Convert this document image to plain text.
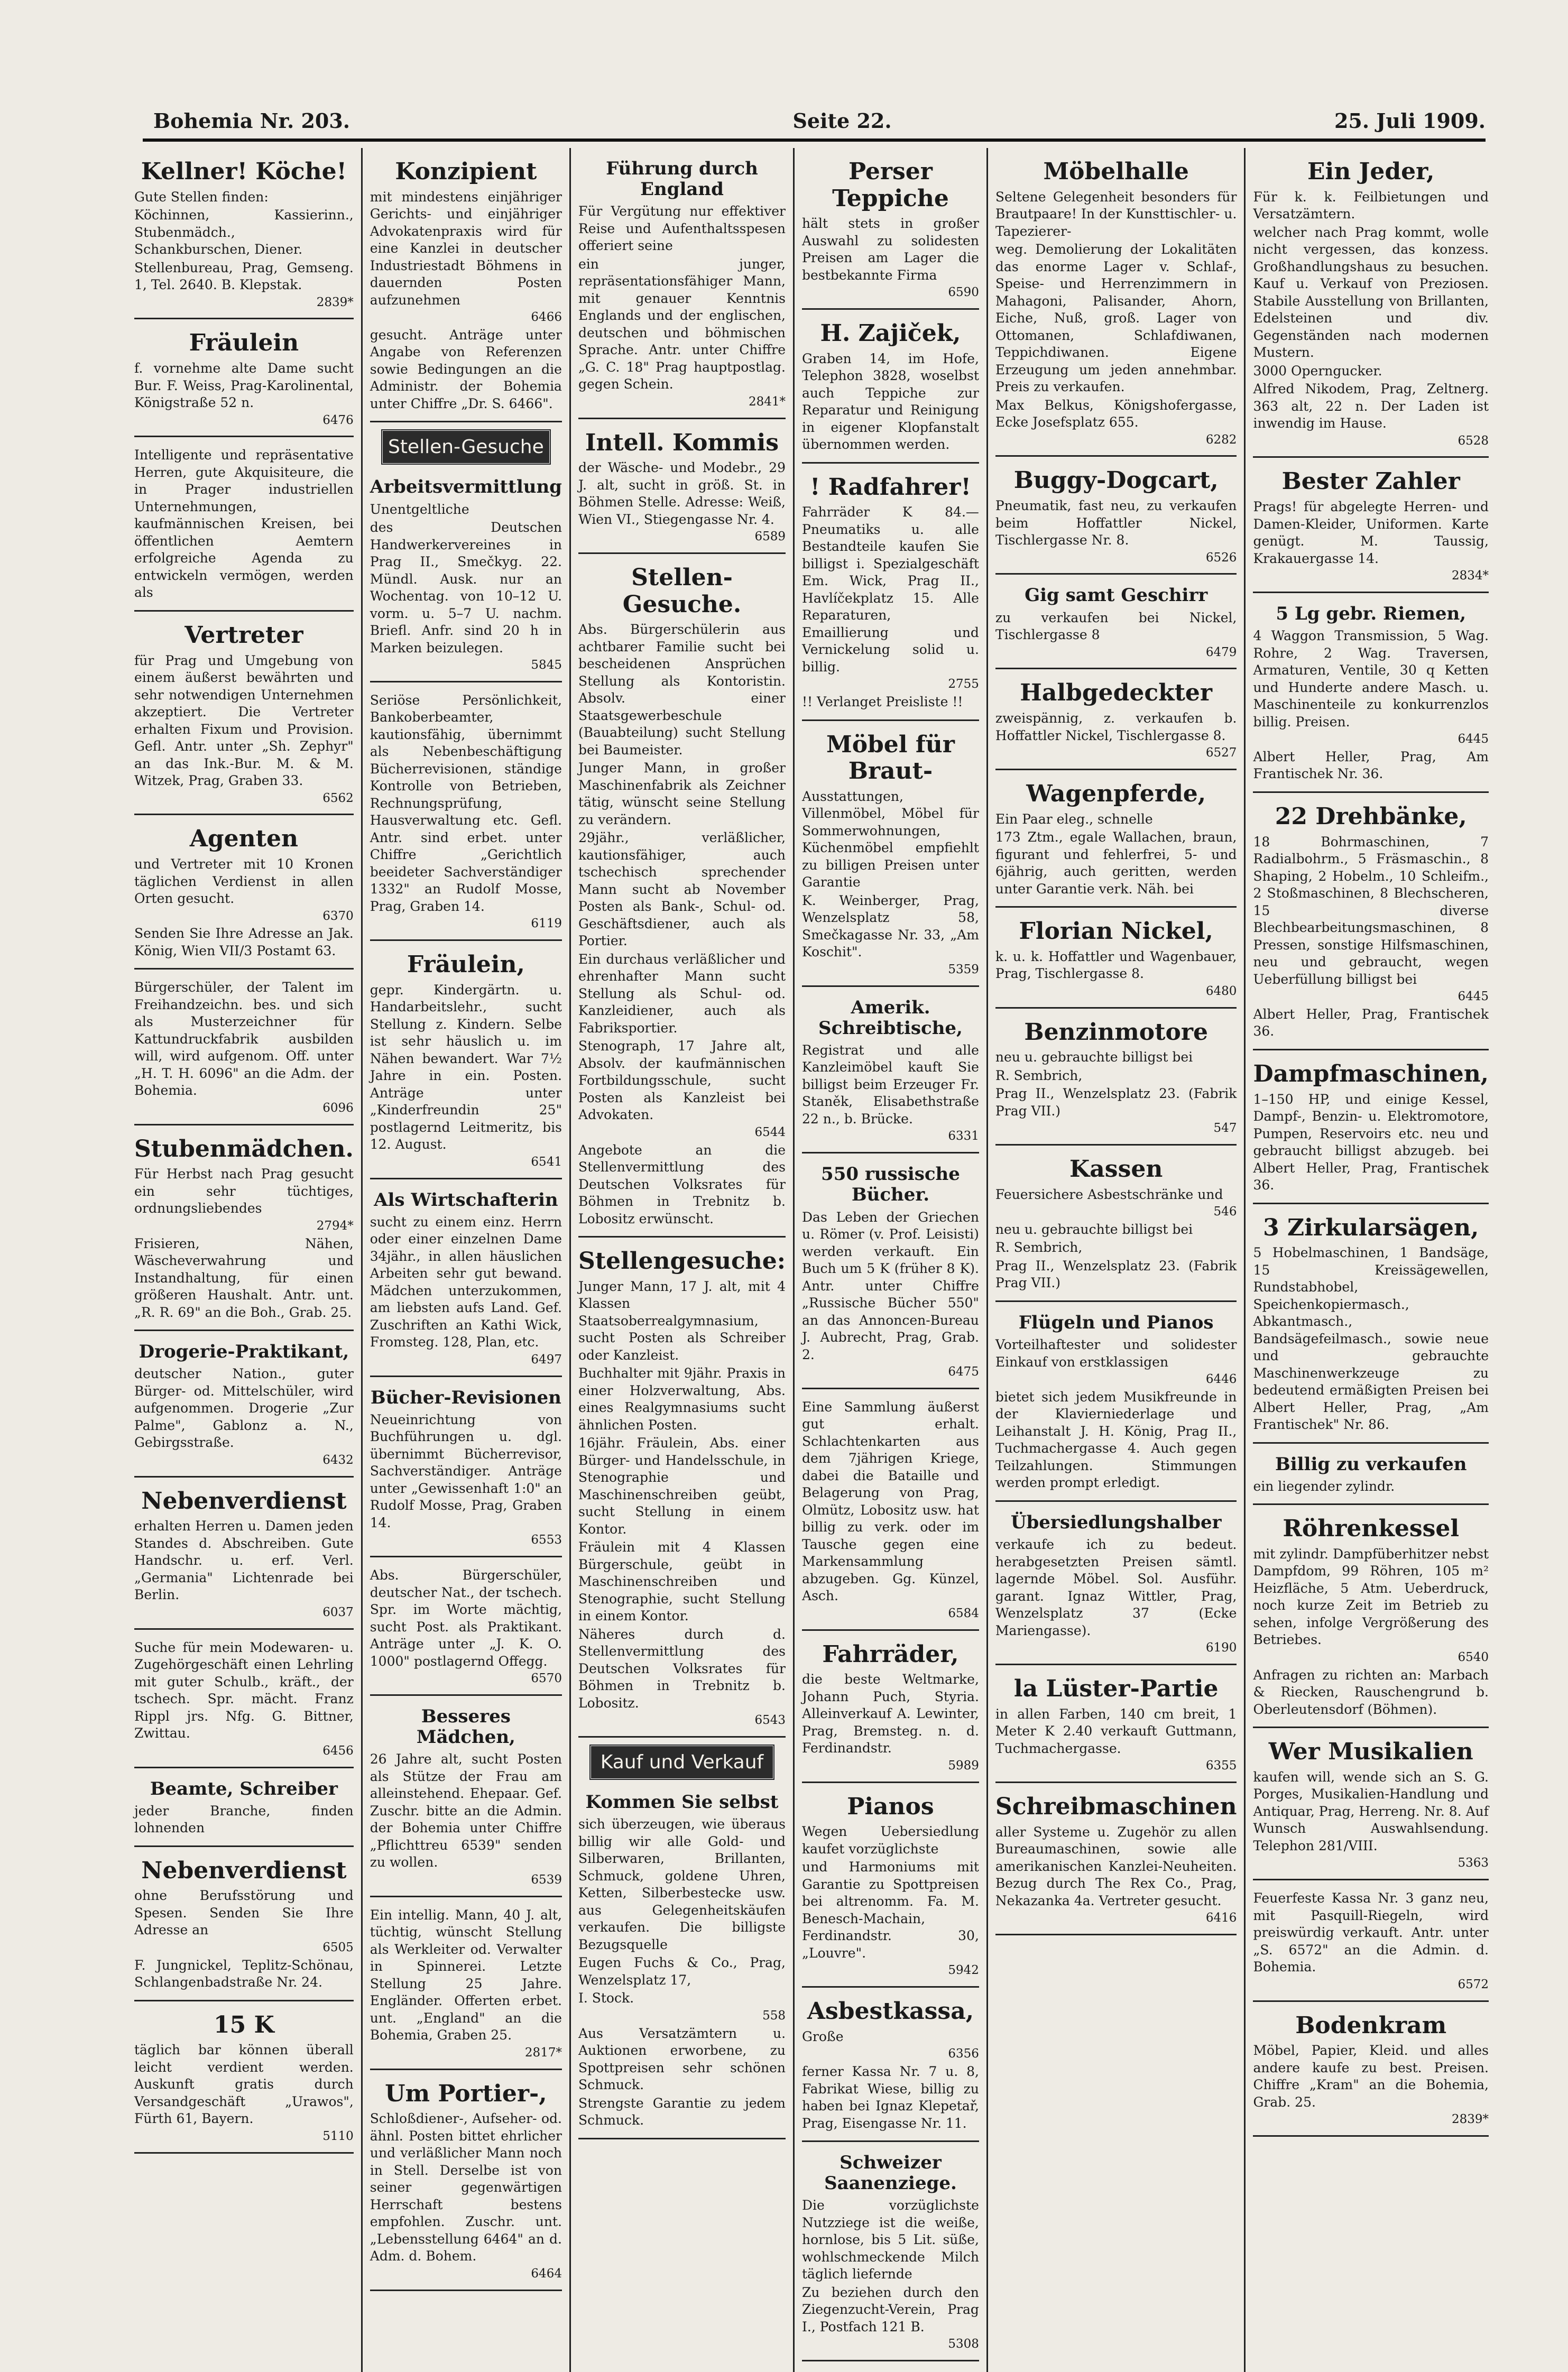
Bohemia Nr. 203.	Seite 22.	25. Juli 1909.
Kellner! Köche!
Gute Stellen finden:
Köchinnen, Kassierinn., Stubenmädch., Schankburschen, Diener.
Stellenbureau, Prag, Gemseng. 1, Tel. 2640. B. Klepstak.
2839*
Fräulein
f. vornehme alte Dame sucht Bur. F. Weiss, Prag-Karolinental, Königstraße 52 n.
6476
Intelligente und repräsentative Herren, gute Akquisiteure, die in Prager industriellen Unternehmungen, kaufmännischen Kreisen, bei öffentlichen Aemtern erfolgreiche Agenda zu entwickeln vermögen, werden als
Vertreter
für Prag und Umgebung von einem äußerst bewährten und sehr notwendigen Unternehmen akzeptiert. Die Vertreter erhalten Fixum und Provision. Gefl. Antr. unter „Sh. Zephyr" an das Ink.-Bur. M. & M. Witzek, Prag, Graben 33.
6562
Agenten
und Vertreter mit 10 Kronen täglichen Verdienst in allen Orten gesucht.
6370
Senden Sie Ihre Adresse an Jak. König, Wien VII/3 Postamt 63.
Bürgerschüler, der Talent im Freihandzeichn. bes. und sich als Musterzeichner für Kattundruckfabrik ausbilden will, wird aufgenom. Off. unter „H. T. H. 6096" an die Adm. der Bohemia.
6096
Stubenmädchen.
Für Herbst nach Prag gesucht ein sehr tüchtiges, ordnungsliebendes
2794*
Frisieren, Nähen, Wäscheverwahrung und Instandhaltung, für einen größeren Haushalt. Antr. unt. „R. R. 69" an die Boh., Grab. 25.
Drogerie-Praktikant,
deutscher Nation., guter Bürger- od. Mittelschüler, wird aufgenommen. Drogerie „Zur Palme", Gablonz a. N., Gebirgsstraße.
6432
Nebenverdienst
erhalten Herren u. Damen jeden Standes d. Abschreiben. Gute Handschr. u. erf. Verl. „Germania" Lichtenrade bei Berlin.
6037
Suche für mein Modewaren- u. Zugehörgeschäft einen Lehrling mit guter Schulb., kräft., der tschech. Spr. mächt. Franz Rippl jrs. Nfg. G. Bittner, Zwittau.
6456
Beamte, Schreiber
jeder Branche, finden lohnenden
Nebenverdienst
ohne Berufsstörung und Spesen. Senden Sie Ihre Adresse an
6505
F. Jungnickel, Teplitz-Schönau, Schlangenbadstraße Nr. 24.
15 K
täglich bar können überall leicht verdient werden. Auskunft gratis durch Versandgeschäft „Urawos", Fürth 61, Bayern.
5110
Konzipient
mit mindestens einjähriger Gerichts- und einjähriger Advokatenpraxis wird für eine Kanzlei in deutscher Industriestadt Böhmens in dauernden Posten aufzunehmen
6466
gesucht. Anträge unter Angabe von Referenzen sowie Bedingungen an die Administr. der Bohemia unter Chiffre „Dr. S. 6466".
Stellen-Gesuche
Arbeitsvermittlung
Unentgeltliche
des Deutschen Handwerkervereines in Prag II., Smečkyg. 22. Mündl. Ausk. nur an Wochentag. von 10–12 U. vorm. u. 5–7 U. nachm. Briefl. Anfr. sind 20 h in Marken beizulegen.
5845
Seriöse Persönlichkeit, Bankoberbeamter, kautionsfähig, übernimmt als Nebenbeschäftigung Bücherrevisionen, ständige Kontrolle von Betrieben, Rechnungsprüfung, Hausverwaltung etc. Gefl. Antr. sind erbet. unter Chiffre „Gerichtlich beeideter Sachverständiger 1332" an Rudolf Mosse, Prag, Graben 14.
6119
Fräulein,
gepr. Kindergärtn. u. Handarbeitslehr., sucht Stellung z. Kindern. Selbe ist sehr häuslich u. im Nähen bewandert. War 7½ Jahre in ein. Posten. Anträge unter „Kinderfreundin 25" postlagernd Leitmeritz, bis 12. August.
6541
Als Wirtschafterin
sucht zu einem einz. Herrn oder einer einzelnen Dame 34jähr., in allen häuslichen Arbeiten sehr gut bewand. Mädchen unterzukommen, am liebsten aufs Land. Gef. Zuschriften an Kathi Wick, Fromsteg. 128, Plan, etc.
6497
Bücher-Revisionen
Neueinrichtung von Buchführungen u. dgl. übernimmt Bücherrevisor, Sachverständiger. Anträge unter „Gewissenhaft 1:0" an Rudolf Mosse, Prag, Graben 14.
6553
Abs. Bürgerschüler, deutscher Nat., der tschech. Spr. im Worte mächtig, sucht Post. als Praktikant. Anträge unter „J. K. O. 1000" postlagernd Offegg.
6570
Besseres Mädchen,
26 Jahre alt, sucht Posten als Stütze der Frau am alleinstehend. Ehepaar. Gef. Zuschr. bitte an die Admin. der Bohemia unter Chiffre „Pflichttreu 6539" senden zu wollen.
6539
Ein intellig. Mann, 40 J. alt, tüchtig, wünscht Stellung als Werkleiter od. Verwalter in Spinnerei. Letzte Stellung 25 Jahre. Engländer. Offerten erbet. unt. „England" an die Bohemia, Graben 25.
2817*
Um Portier-,
Schloßdiener-, Aufseher- od. ähnl. Posten bittet ehrlicher und verläßlicher Mann noch in Stell. Derselbe ist von seiner gegenwärtigen Herrschaft bestens empfohlen. Zuschr. unt. „Lebensstellung 6464" an d. Adm. d. Bohem.
6464
Führung durch England
Für Vergütung nur effektiver Reise und Aufenthaltsspesen offeriert seine
ein junger, repräsentationsfähiger Mann, mit genauer Kenntnis Englands und der englischen, deutschen und böhmischen Sprache. Antr. unter Chiffre „G. C. 18" Prag hauptpostlag. gegen Schein.
2841*
Intell. Kommis
der Wäsche- und Modebr., 29 J. alt, sucht in größ. St. in Böhmen Stelle. Adresse: Weiß, Wien VI., Stiegengasse Nr. 4.
6589
Stellen-Gesuche.
Abs. Bürgerschülerin aus achtbarer Familie sucht bei bescheidenen Ansprüchen Stellung als Kontoristin. Absolv. einer Staatsgewerbeschule (Bauabteilung) sucht Stellung bei Baumeister.
Junger Mann, in großer Maschinenfabrik als Zeichner tätig, wünscht seine Stellung zu verändern.
29jähr., verläßlicher, kautionsfähiger, auch tschechisch sprechender Mann sucht ab November Posten als Bank-, Schul- od. Geschäftsdiener, auch als Portier.
Ein durchaus verläßlicher und ehrenhafter Mann sucht Stellung als Schul- od. Kanzleidiener, auch als Fabriksportier.
Stenograph, 17 Jahre alt, Absolv. der kaufmännischen Fortbildungsschule, sucht Posten als Kanzleist bei Advokaten.
6544
Angebote an die Stellenvermittlung des Deutschen Volksrates für Böhmen in Trebnitz b. Lobositz erwünscht.
Stellengesuche:
Junger Mann, 17 J. alt, mit 4 Klassen Staatsoberrealgymnasium, sucht Posten als Schreiber oder Kanzleist.
Buchhalter mit 9jähr. Praxis in einer Holzverwaltung, Abs. eines Realgymnasiums sucht ähnlichen Posten.
16jähr. Fräulein, Abs. einer Bürger- und Handelsschule, in Stenographie und Maschinenschreiben geübt, sucht Stellung in einem Kontor.
Fräulein mit 4 Klassen Bürgerschule, geübt in Maschinenschreiben und Stenographie, sucht Stellung in einem Kontor.
Näheres durch d. Stellenvermittlung des Deutschen Volksrates für Böhmen in Trebnitz b. Lobositz.
6543
Kauf und Verkauf
Kommen Sie selbst
sich überzeugen, wie überaus billig wir alle Gold- und Silberwaren, Brillanten, Schmuck, goldene Uhren, Ketten, Silberbestecke usw. aus Gelegenheitskäufen verkaufen. Die billigste Bezugsquelle
Eugen Fuchs & Co., Prag, Wenzelsplatz 17,
I. Stock.
558
Aus Versatzämtern u. Auktionen erworbene, zu Spottpreisen sehr schönen Schmuck.
Strengste Garantie zu jedem Schmuck.
Perser Teppiche
hält stets in großer Auswahl zu solidesten Preisen am Lager die bestbekannte Firma
6590
H. Zajiček,
Graben 14, im Hofe, Telephon 3828, woselbst auch Teppiche zur Reparatur und Reinigung in eigener Klopfanstalt übernommen werden.
! Radfahrer!
Fahrräder K 84.— Pneumatiks u. alle Bestandteile kaufen Sie billigst i. Spezialgeschäft Em. Wick, Prag II., Havlíčekplatz 15. Alle Reparaturen, Emaillierung und Vernickelung solid u. billig.
2755
!! Verlanget Preisliste !!
Möbel für Braut-
Ausstattungen, Villenmöbel, Möbel für Sommerwohnungen, Küchenmöbel empfiehlt zu billigen Preisen unter Garantie
K. Weinberger, Prag, Wenzelsplatz 58, Smečkagasse Nr. 33, „Am Koschit".
5359
Amerik. Schreibtische,
Registrat und alle Kanzleimöbel kauft Sie billigst beim Erzeuger Fr. Staněk, Elisabethstraße 22 n., b. Brücke.
6331
550 russische Bücher.
Das Leben der Griechen u. Römer (v. Prof. Leisisti) werden verkauft. Ein Buch um 5 K (früher 8 K). Antr. unter Chiffre „Russische Bücher 550" an das Annoncen-Bureau J. Aubrecht, Prag, Grab. 2.
6475
Eine Sammlung äußerst gut erhalt. Schlachtenkarten aus dem 7jährigen Kriege, dabei die Bataille und Belagerung von Prag, Olmütz, Lobositz usw. hat billig zu verk. oder im Tausche gegen eine Markensammlung abzugeben. Gg. Künzel, Asch.
6584
Fahrräder,
die beste Weltmarke, Johann Puch, Styria. Alleinverkauf A. Lewinter, Prag, Bremsteg. n. d. Ferdinandstr.
5989
Pianos
Wegen Uebersiedlung kaufet vorzüglichste
und Harmoniums mit Garantie zu Spottpreisen bei altrenomm. Fa. M. Benesch-Machain, Ferdinandstr. 30, „Louvre".
5942
Asbestkassa,
Große
6356
ferner Kassa Nr. 7 u. 8, Fabrikat Wiese, billig zu haben bei Ignaz Klepetař, Prag, Eisengasse Nr. 11.
Schweizer Saanenziege.
Die vorzüglichste Nutzziege ist die weiße, hornlose, bis 5 Lit. süße, wohlschmeckende Milch täglich liefernde
Zu beziehen durch den Ziegenzucht-Verein, Prag I., Postfach 121 B.
5308
Möbelhalle
Seltene Gelegenheit besonders für Brautpaare! In der Kunsttischler- u. Tapezierer-
weg. Demolierung der Lokalitäten das enorme Lager v. Schlaf-, Speise- und Herrenzimmern in Mahagoni, Palisander, Ahorn, Eiche, Nuß, groß. Lager von Ottomanen, Schlafdiwanen, Teppichdiwanen. Eigene Erzeugung um jeden annehmbar. Preis zu verkaufen.
Max Belkus, Königshofergasse, Ecke Josefsplatz 655.
6282
Buggy-Dogcart,
Pneumatik, fast neu, zu verkaufen beim Hoffattler Nickel, Tischlergasse Nr. 8.
6526
Gig samt Geschirr
zu verkaufen bei Nickel, Tischlergasse 8
6479
Halbgedeckter
zweispännig, z. verkaufen b. Hoffattler Nickel, Tischlergasse 8.
6527
Wagenpferde,
Ein Paar eleg., schnelle
173 Ztm., egale Wallachen, braun, figurant und fehlerfrei, 5- und 6jährig, auch geritten, werden unter Garantie verk. Näh. bei
Florian Nickel,
k. u. k. Hoffattler und Wagenbauer, Prag, Tischlergasse 8.
6480
Benzinmotore
neu u. gebrauchte billigst bei
R. Sembrich,
Prag II., Wenzelsplatz 23. (Fabrik Prag VII.)
547
Kassen
Feuersichere Asbestschränke und
546
neu u. gebrauchte billigst bei
R. Sembrich,
Prag II., Wenzelsplatz 23. (Fabrik Prag VII.)
Flügeln und Pianos
Vorteilhaftester und solidester Einkauf von erstklassigen
6446
bietet sich jedem Musikfreunde in der Klavierniederlage und Leihanstalt J. H. König, Prag II., Tuchmachergasse 4. Auch gegen Teilzahlungen. Stimmungen werden prompt erledigt.
Übersiedlungshalber
verkaufe ich zu bedeut. herabgesetzten Preisen sämtl. lagernde Möbel. Sol. Ausführ. garant. Ignaz Wittler, Prag, Wenzelsplatz 37 (Ecke Mariengasse).
6190
la Lüster-Partie
in allen Farben, 140 cm breit, 1 Meter K 2.40 verkauft Guttmann, Tuchmachergasse.
6355
Schreibmaschinen
aller Systeme u. Zugehör zu allen Bureaumaschinen, sowie alle amerikanischen Kanzlei-Neuheiten. Bezug durch The Rex Co., Prag, Nekazanka 4a. Vertreter gesucht.
6416
Ein Jeder,
Für k. k. Feilbietungen und Versatzämtern.
welcher nach Prag kommt, wolle nicht vergessen, das konzess. Großhandlungshaus zu besuchen. Kauf u. Verkauf von Preziosen. Stabile Ausstellung von Brillanten, Edelsteinen und div. Gegenständen nach modernen Mustern.
3000 Operngucker.
Alfred Nikodem, Prag, Zeltnerg. 363 alt, 22 n. Der Laden ist inwendig im Hause.
6528
Bester Zahler
Prags! für abgelegte Herren- und Damen-Kleider, Uniformen. Karte genügt. M. Taussig, Krakauergasse 14.
2834*
5 Lg gebr. Riemen,
4 Waggon Transmission, 5 Wag. Rohre, 2 Wag. Traversen, Armaturen, Ventile, 30 q Ketten und Hunderte andere Masch. u. Maschinenteile zu konkurrenzlos billig. Preisen.
6445
Albert Heller, Prag, Am Frantischek Nr. 36.
22 Drehbänke,
18 Bohrmaschinen, 7 Radialbohrm., 5 Fräsmaschin., 8 Shaping, 2 Hobelm., 10 Schleifm., 2 Stoßmaschinen, 8 Blechscheren, 15 diverse Blechbearbeitungsmaschinen, 8 Pressen, sonstige Hilfsmaschinen, neu und gebraucht, wegen Ueberfüllung billigst bei
6445
Albert Heller, Prag, Frantischek 36.
Dampfmaschinen,
1–150 HP, und einige Kessel, Dampf-, Benzin- u. Elektromotore, Pumpen, Reservoirs etc. neu und gebraucht billigst abzugeb. bei Albert Heller, Prag, Frantischek 36.
3 Zirkularsägen,
5 Hobelmaschinen, 1 Bandsäge, 15 Kreissägewellen, Rundstabhobel, Speichenkopiermasch., Abkantmasch., Bandsägefeilmasch., sowie neue und gebrauchte Maschinenwerkzeuge zu bedeutend ermäßigten Preisen bei Albert Heller, Prag, „Am Frantischek" Nr. 86.
Billig zu verkaufen
ein liegender zylindr.
Röhrenkessel
mit zylindr. Dampfüberhitzer nebst Dampfdom, 99 Röhren, 105 m² Heizfläche, 5 Atm. Ueberdruck, noch kurze Zeit im Betrieb zu sehen, infolge Vergrößerung des Betriebes.
6540
Anfragen zu richten an: Marbach & Riecken, Rauschengrund b. Oberleutensdorf (Böhmen).
Wer Musikalien
kaufen will, wende sich an S. G. Porges, Musikalien-Handlung und Antiquar, Prag, Herreng. Nr. 8. Auf Wunsch Auswahlsendung. Telephon 281/VIII.
5363
Feuerfeste Kassa Nr. 3 ganz neu, mit Pasquill-Riegeln, wird preiswürdig verkauft. Antr. unter „S. 6572" an die Admin. d. Bohemia.
6572
Bodenkram
Möbel, Papier, Kleid. und alles andere kaufe zu best. Preisen. Chiffre „Kram" an die Bohemia, Grab. 25.
2839*
